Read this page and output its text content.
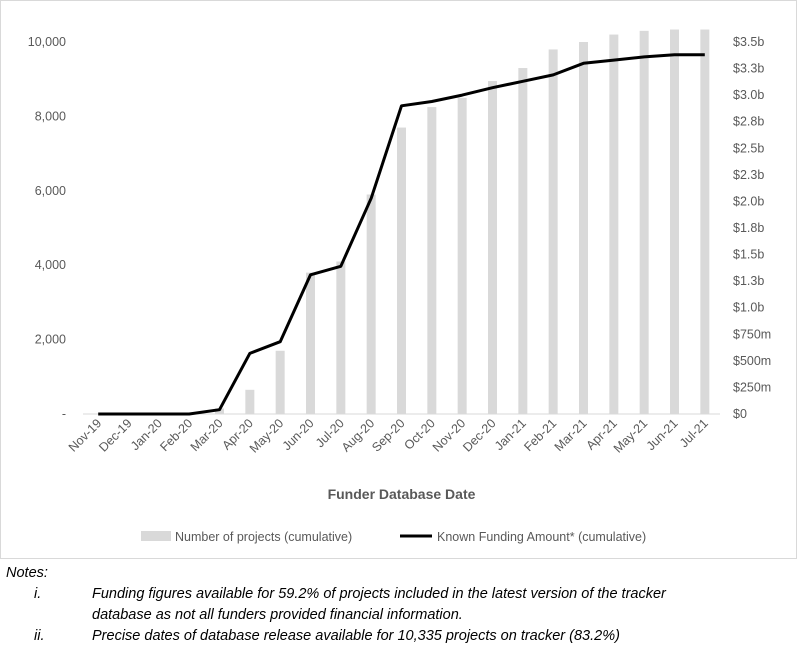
-
2,000
4,000
6,000
8,000
10,000
$0
$250m
$500m
$750m
$1.0b
$1.3b
$1.5b
$1.8b
$2.0b
$2.3b
$2.5b
$2.8b
$3.0b
$3.3b
$3.5b
Nov-19
Dec-19
Jan-20
Feb-20
Mar-20
Apr-20
May-20
Jun-20
Jul-20
Aug-20
Sep-20
Oct-20
Nov-20
Dec-20
Jan-21
Feb-21
Mar-21
Apr-21
May-21
Jun-21
Jul-21
Funder Database Date
Number of projects (cumulative)	Known Funding Amount* (cumulative)
Notes:
i.	Funding figures available for 59.2% of projects included in the latest version of the tracker database as not all funders provided financial information.
ii.	Precise dates of database release available for 10,335 projects on tracker (83.2%)
